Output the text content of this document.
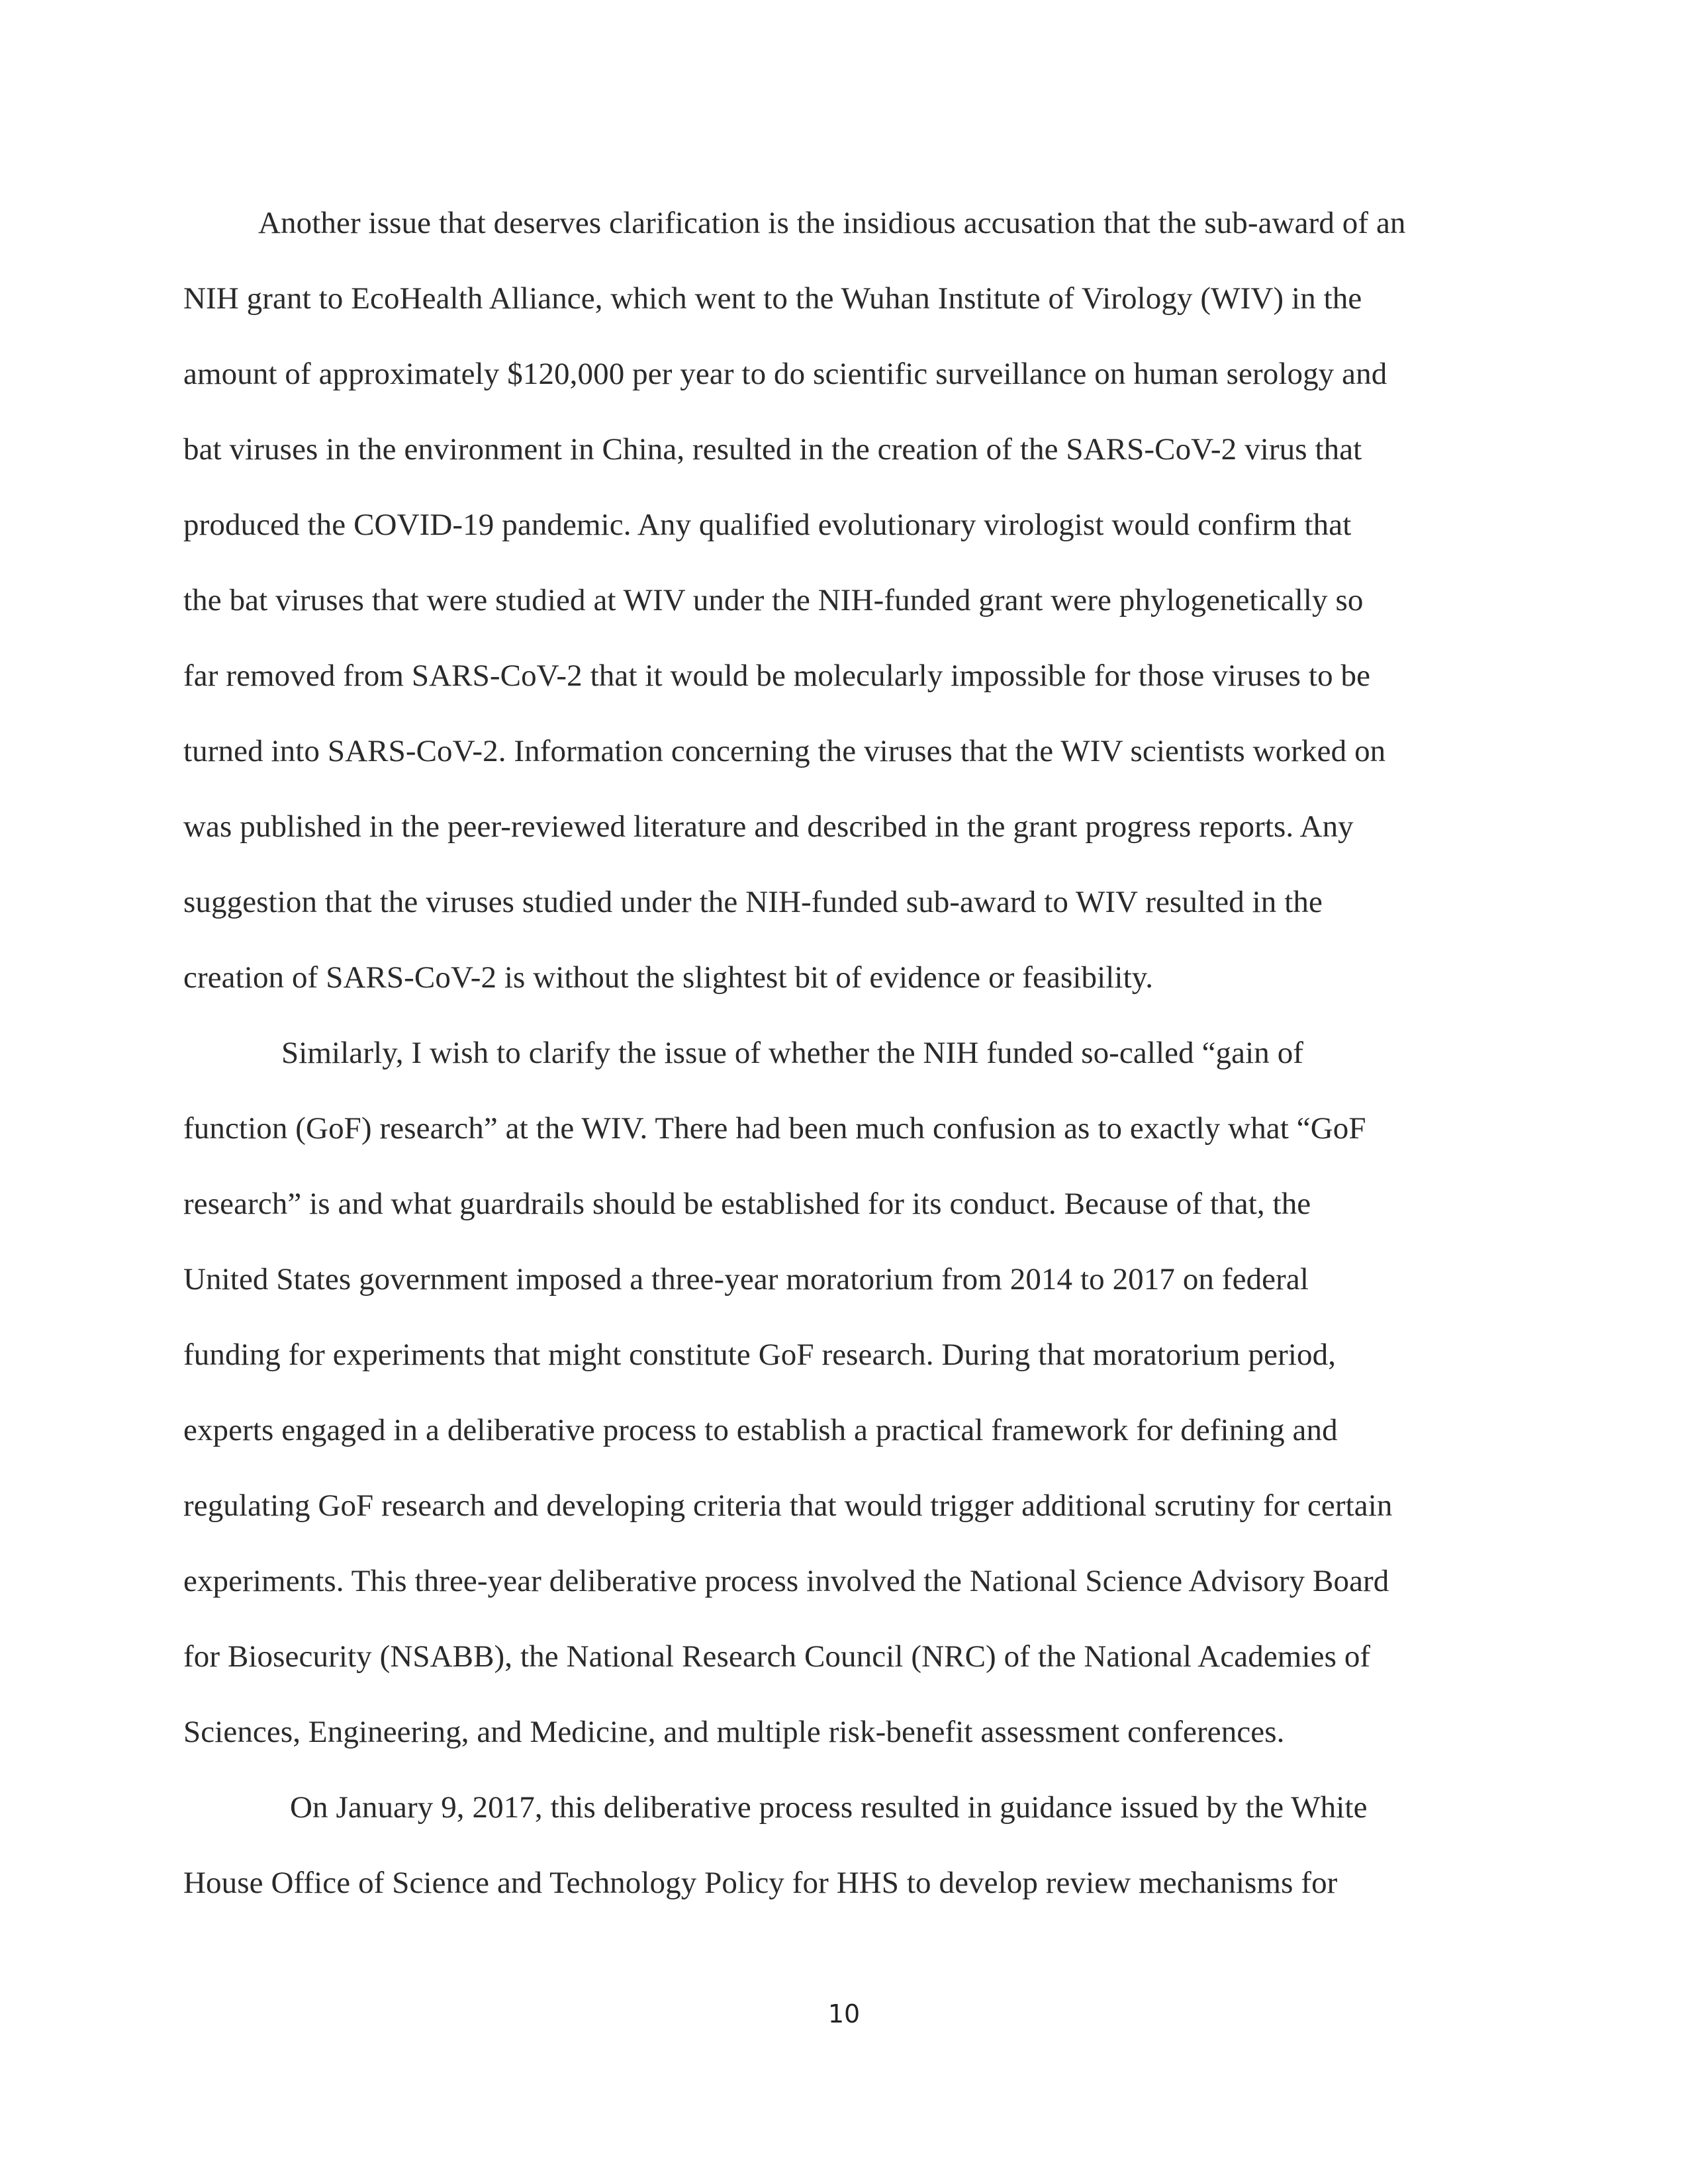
Another issue that deserves clarification is the insidious accusation that the sub-award of an
NIH grant to EcoHealth Alliance, which went to the Wuhan Institute of Virology (WIV) in the
amount of approximately $120,000 per year to do scientific surveillance on human serology and
bat viruses in the environment in China, resulted in the creation of the SARS-CoV-2 virus that
produced the COVID-19 pandemic. Any qualified evolutionary virologist would confirm that
the bat viruses that were studied at WIV under the NIH-funded grant were phylogenetically so
far removed from SARS-CoV-2 that it would be molecularly impossible for those viruses to be
turned into SARS-CoV-2. Information concerning the viruses that the WIV scientists worked on
was published in the peer-reviewed literature and described in the grant progress reports. Any
suggestion that the viruses studied under the NIH-funded sub-award to WIV resulted in the
creation of SARS-CoV-2 is without the slightest bit of evidence or feasibility.
Similarly, I wish to clarify the issue of whether the NIH funded so-called “gain of
function (GoF) research” at the WIV. There had been much confusion as to exactly what “GoF
research” is and what guardrails should be established for its conduct. Because of that, the
United States government imposed a three-year moratorium from 2014 to 2017 on federal
funding for experiments that might constitute GoF research. During that moratorium period,
experts engaged in a deliberative process to establish a practical framework for defining and
regulating GoF research and developing criteria that would trigger additional scrutiny for certain
experiments. This three-year deliberative process involved the National Science Advisory Board
for Biosecurity (NSABB), the National Research Council (NRC) of the National Academies of
Sciences, Engineering, and Medicine, and multiple risk-benefit assessment conferences.
On January 9, 2017, this deliberative process resulted in guidance issued by the White
House Office of Science and Technology Policy for HHS to develop review mechanisms for
10
